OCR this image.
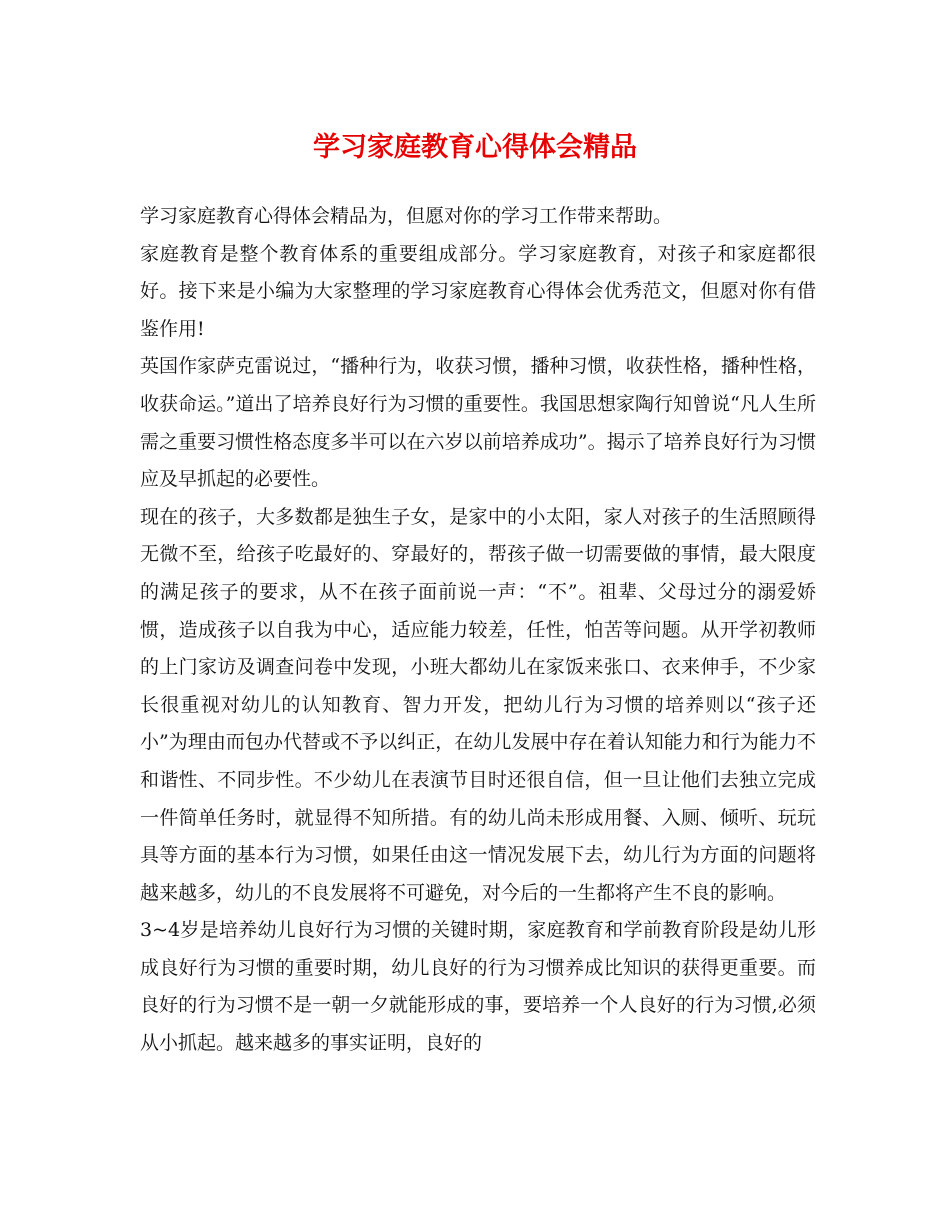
学习家庭教育心得体会精品

学习家庭教育心得体会精品为，但愿对你的学习工作带来帮助。

家庭教育是整个教育体系的重要组成部分。学习家庭教育，对孩子和家庭都很好。接下来是小编为大家整理的学习家庭教育心得体会优秀范文，但愿对你有借鉴作用!

英国作家萨克雷说过，“播种行为，收获习惯，播种习惯，收获性格，播种性格，收获命运。”道出了培养良好行为习惯的重要性。我国思想家陶行知曾说“凡人生所需之重要习惯性格态度多半可以在六岁以前培养成功”。揭示了培养良好行为习惯应及早抓起的必要性。

现在的孩子，大多数都是独生子女，是家中的小太阳，家人对孩子的生活照顾得无微不至，给孩子吃最好的、穿最好的，帮孩子做一切需要做的事情，最大限度的满足孩子的要求，从不在孩子面前说一声：“不”。祖辈、父母过分的溺爱娇惯，造成孩子以自我为中心，适应能力较差，任性，怕苦等问题。从开学初教师的上门家访及调查问卷中发现，小班大都幼儿在家饭来张口、衣来伸手，不少家长很重视对幼儿的认知教育、智力开发，把幼儿行为习惯的培养则以“孩子还小”为理由而包办代替或不予以纠正，在幼儿发展中存在着认知能力和行为能力不和谐性、不同步性。不少幼儿在表演节目时还很自信，但一旦让他们去独立完成一件简单任务时，就显得不知所措。有的幼儿尚未形成用餐、入厕、倾听、玩玩具等方面的基本行为习惯，如果任由这一情况发展下去，幼儿行为方面的问题将越来越多，幼儿的不良发展将不可避免，对今后的一生都将产生不良的影响。

3~4岁是培养幼儿良好行为习惯的关键时期，家庭教育和学前教育阶段是幼儿形成良好行为习惯的重要时期，幼儿良好的行为习惯养成比知识的获得更重要。而良好的行为习惯不是一朝一夕就能形成的事，要培养一个人良好的行为习惯,必须从小抓起。越来越多的事实证明，良好的
